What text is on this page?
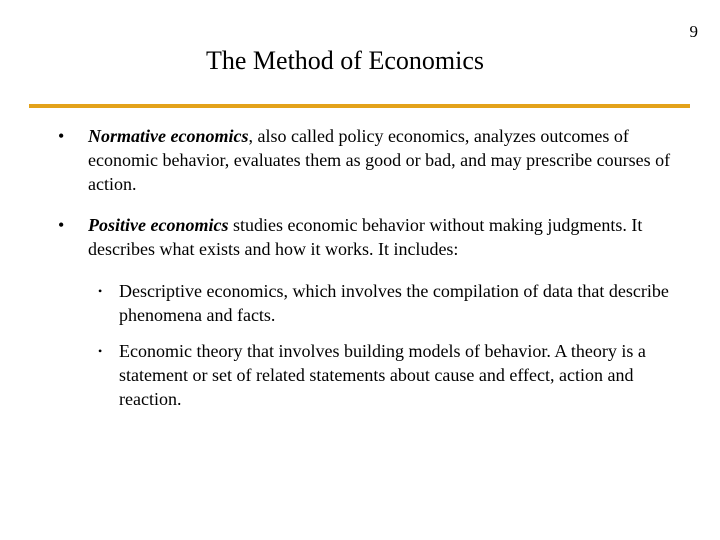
9
The Method of Economics
• Normative economics, also called policy economics, analyzes outcomes of economic behavior, evaluates them as good or bad, and may prescribe courses of action.
• Positive economics studies economic behavior without making judgments. It describes what exists and how it works. It includes:
• Descriptive economics, which involves the compilation of data that describe phenomena and facts.
• Economic theory that involves building models of behavior. A theory is a statement or set of related statements about cause and effect, action and reaction.
